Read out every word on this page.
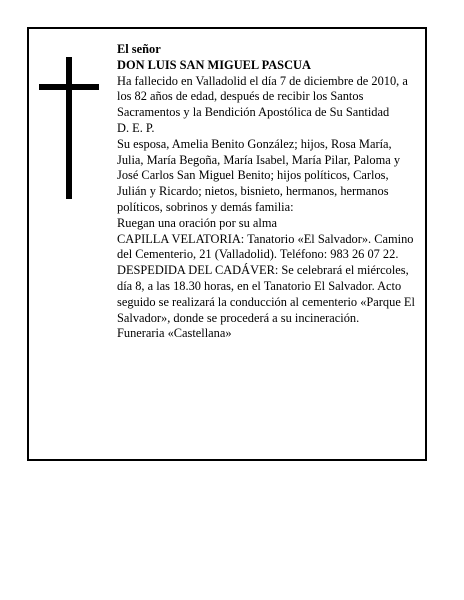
El señor

DON LUIS SAN MIGUEL PASCUA

Ha fallecido en Valladolid el día 7 de diciembre de 2010, a los 82 años de edad, después de recibir los Santos Sacramentos y la Bendición Apostólica de Su Santidad

D. E. P.

Su esposa, Amelia Benito González; hijos, Rosa María, Julia, María Begoña, María Isabel, María Pilar, Paloma y José Carlos San Miguel Benito; hijos políticos, Carlos, Julián y Ricardo; nietos, bisnieto, hermanos, hermanos políticos, sobrinos y demás familia:

Ruegan una oración por su alma

CAPILLA VELATORIA: Tanatorio «El Salvador». Camino del Cementerio, 21 (Valladolid). Teléfono: 983 26 07 22.

DESPEDIDA DEL CADÁVER: Se celebrará el miércoles, día 8, a las 18.30 horas, en el Tanatorio El Salvador. Acto seguido se realizará la conducción al cementerio «Parque El Salvador», donde se procederá a su incineración.

Funeraria «Castellana»
